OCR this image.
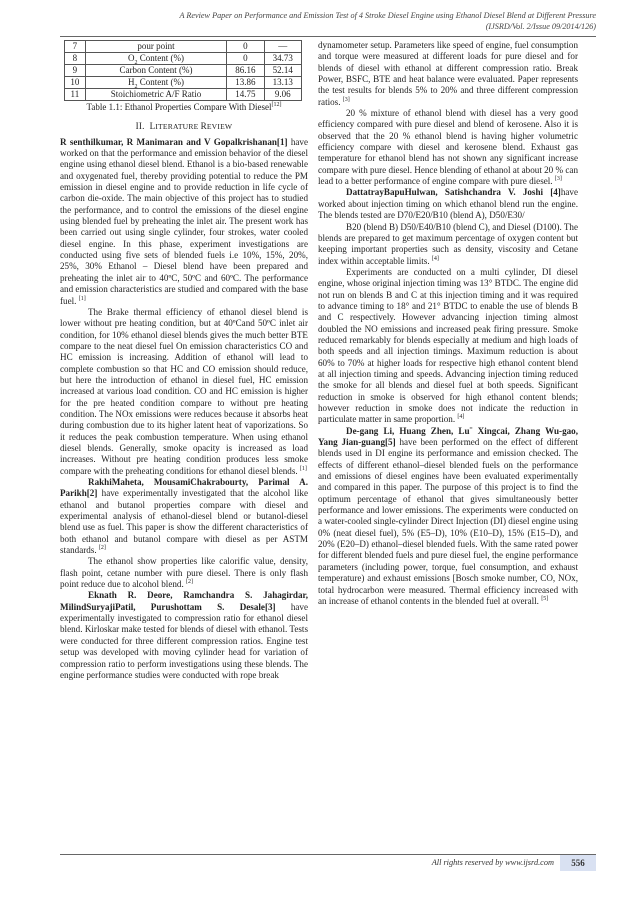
A Review Paper on Performance and Emission Test of 4 Stroke Diesel Engine using Ethanol Diesel Blend at Different Pressure
(IJSRD/Vol. 2/Issue 09/2014/126)
7	pour point	0	—
8	$O_2$ Content (%)	0	34.73
9	Carbon Content (%)	86.16	52.14
10	$H_2$ Content (%)	13.86	13.13
11	Stoichiometric A/F Ratio	14.75	9.06
Table 1.1: Ethanol Properties Compare With Diesel[12]
II. LITERATURE REVIEW

R senthilkumar, R Manimaran and V Gopalkrishanan[1] have worked on that the performance and emission behavior of the diesel engine using ethanol diesel blend. Ethanol is a bio-based renewable and oxygenated fuel, thereby providing potential to reduce the PM emission in diesel engine and to provide reduction in life cycle of carbon die-oxide. The main objective of this project has to studied the performance, and to control the emissions of the diesel engine using blended fuel by preheating the inlet air. The present work has been carried out using single cylinder, four strokes, water cooled diesel engine. In this phase, experiment investigations are conducted using five sets of blended fuels i.e 10%, 15%, 20%, 25%, 30% Ethanol – Diesel blend have been prepared and preheating the inlet air to 40ºC, 50ºC and 60ºC. The performance and emission characteristics are studied and compared with the base fuel. [1]

The Brake thermal efficiency of ethanol diesel blend is lower without pre heating condition, but at 40ºCand 50ºC inlet air condition, for 10% ethanol diesel blends gives the much better BTE compare to the neat diesel fuel On emission characteristics CO and HC emission is increasing. Addition of ethanol will lead to complete combustion so that HC and CO emission should reduce, but here the introduction of ethanol in diesel fuel, HC emission increased at various load condition. CO and HC emission is higher for the pre heated condition compare to without pre heating condition. The NOx emissions were reduces because it absorbs heat during combustion due to its higher latent heat of vaporizations. So it reduces the peak combustion temperature. When using ethanol diesel blends. Generally, smoke opacity is increased as load increases. Without pre heating condition produces less smoke compare with the preheating conditions for ethanol diesel blends. [1]

RakhiMaheta, MousamiChakrabourty, Parimal A. Parikh[2] have experimentally investigated that the alcohol like ethanol and butanol properties compare with diesel and experimental analysis of ethanol-diesel blend or butanol-diesel blend use as fuel. This paper is show the different characteristics of both ethanol and butanol compare with diesel as per ASTM standards. [2]

The ethanol show properties like calorific value, density, flash point, cetane number with pure diesel. There is only flash point reduce due to alcohol blend. [2]

Eknath R. Deore, Ramchandra S. Jahagirdar, MilindSuryajiPatil, Purushottam S. Desale[3] have experimentally investigated to compression ratio for ethanol diesel blend. Kirloskar make tested for blends of diesel with ethanol. Tests were conducted for three different compression ratios. Engine test setup was developed with moving cylinder head for variation of compression ratio to perform investigations using these blends. The engine performance studies were conducted with rope break

dynamometer setup. Parameters like speed of engine, fuel consumption and torque were measured at different loads for pure diesel and for blends of diesel with ethanol at different compression ratio. Break Power, BSFC, BTE and heat balance were evaluated. Paper represents the test results for blends 5% to 20% and three different compression ratios. [3]

20 % mixture of ethanol blend with diesel has a very good efficiency compared with pure diesel and blend of kerosene. Also it is observed that the 20 % ethanol blend is having higher volumetric efficiency compare with diesel and kerosene blend. Exhaust gas temperature for ethanol blend has not shown any significant increase compare with pure diesel. Hence blending of ethanol at about 20 % can lead to a better performance of engine compare with pure diesel. [3]

DattatrayBapuHulwan, Satishchandra V. Joshi [4]have worked about injection timing on which ethanol blend run the engine. The blends tested are D70/E20/B10 (blend A), D50/E30/

B20 (blend B) D50/E40/B10 (blend C), and Diesel (D100). The blends are prepared to get maximum percentage of oxygen content but keeping important properties such as density, viscosity and Cetane index within acceptable limits. [4]

Experiments are conducted on a multi cylinder, DI diesel engine, whose original injection timing was 13° BTDC. The engine did not run on blends B and C at this injection timing and it was required to advance timing to 18° and 21° BTDC to enable the use of blends B and C respectively. However advancing injection timing almost doubled the NO emissions and increased peak firing pressure. Smoke reduced remarkably for blends especially at medium and high loads of both speeds and all injection timings. Maximum reduction is about 60% to 70% at higher loads for respective high ethanol content blend at all injection timing and speeds. Advancing injection timing reduced the smoke for all blends and diesel fuel at both speeds. Significant reduction in smoke is observed for high ethanol content blends; however reduction in smoke does not indicate the reduction in particulate matter in same proportion. [4]

De-gang Li, Huang Zhen, Lu¨ Xingcai, Zhang Wu-gao, Yang Jian-guang[5] have been performed on the effect of different blends used in DI engine its performance and emission checked. The effects of different ethanol–diesel blended fuels on the performance and emissions of diesel engines have been evaluated experimentally and compared in this paper. The purpose of this project is to find the optimum percentage of ethanol that gives simultaneously better performance and lower emissions. The experiments were conducted on a water-cooled single-cylinder Direct Injection (DI) diesel engine using 0% (neat diesel fuel), 5% (E5–D), 10% (E10–D), 15% (E15–D), and 20% (E20–D) ethanol–diesel blended fuels. With the same rated power for different blended fuels and pure diesel fuel, the engine performance parameters (including power, torque, fuel consumption, and exhaust temperature) and exhaust emissions [Bosch smoke number, CO, NOx, total hydrocarbon were measured. Thermal efficiency increased with an increase of ethanol contents in the blended fuel at overall. [5]

All rights reserved by www.ijsrd.com	556
